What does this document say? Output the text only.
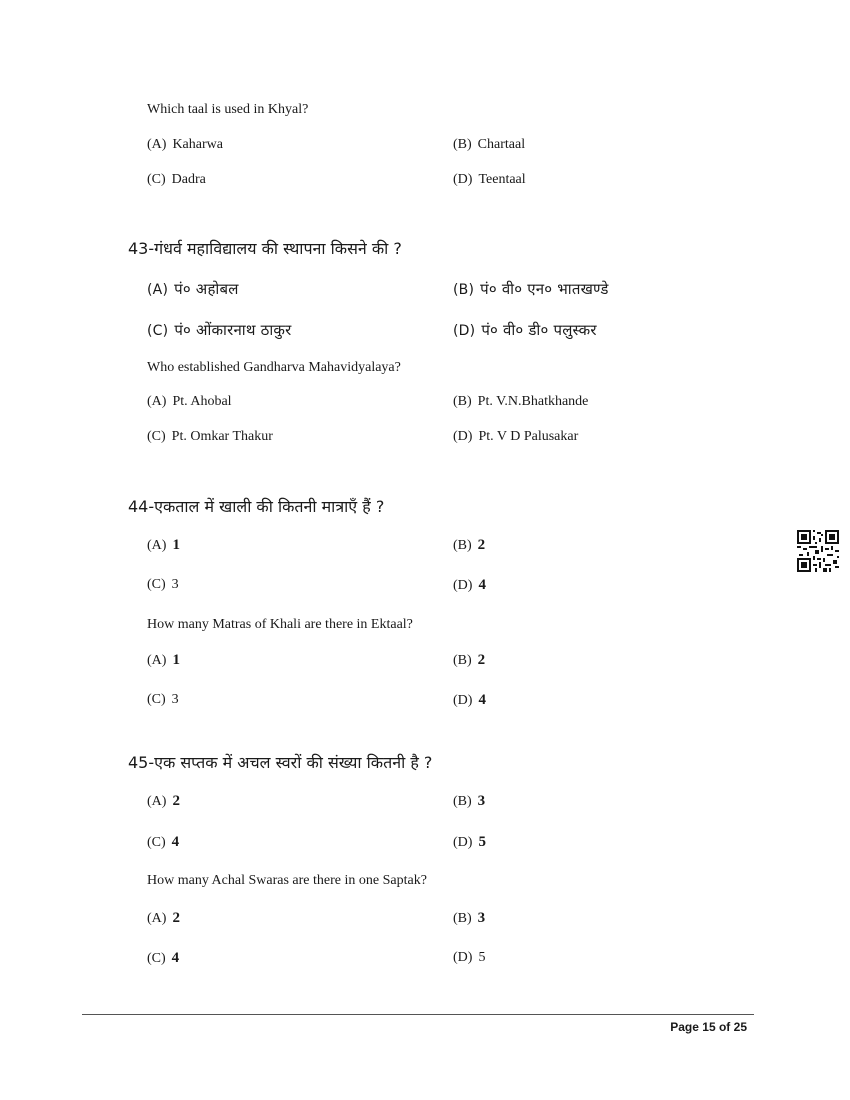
Which taal is used in Khyal?
(A) Kaharwa	(B) Chartaal
(C) Dadra	(D) Teentaal
43-गंधर्व महाविद्यालय की स्थापना किसने की ?
(A) पं० अहोबल	(B) पं० वी० एन० भातखण्डे
(C) पं० ओंकारनाथ ठाकुर	(D) पं० वी० डी० पलुस्कर
Who established Gandharva Mahavidyalaya?
(A) Pt. Ahobal	(B) Pt. V.N.Bhatkhande
(C) Pt. Omkar Thakur	(D) Pt. V D Palusakar
44-एकताल में खाली की कितनी मात्राएँ हैं ?
(A) 1	(B) 2
(C) 3	(D) 4
How many Matras of Khali are there in Ektaal?
(A) 1	(B) 2
(C) 3	(D) 4
45-एक सप्तक में अचल स्वरों की संख्या कितनी है ?
(A) 2	(B) 3
(C) 4	(D) 5
How many Achal Swaras are there in one Saptak?
(A) 2	(B) 3
(C) 4	(D) 5
Page 15 of 25
